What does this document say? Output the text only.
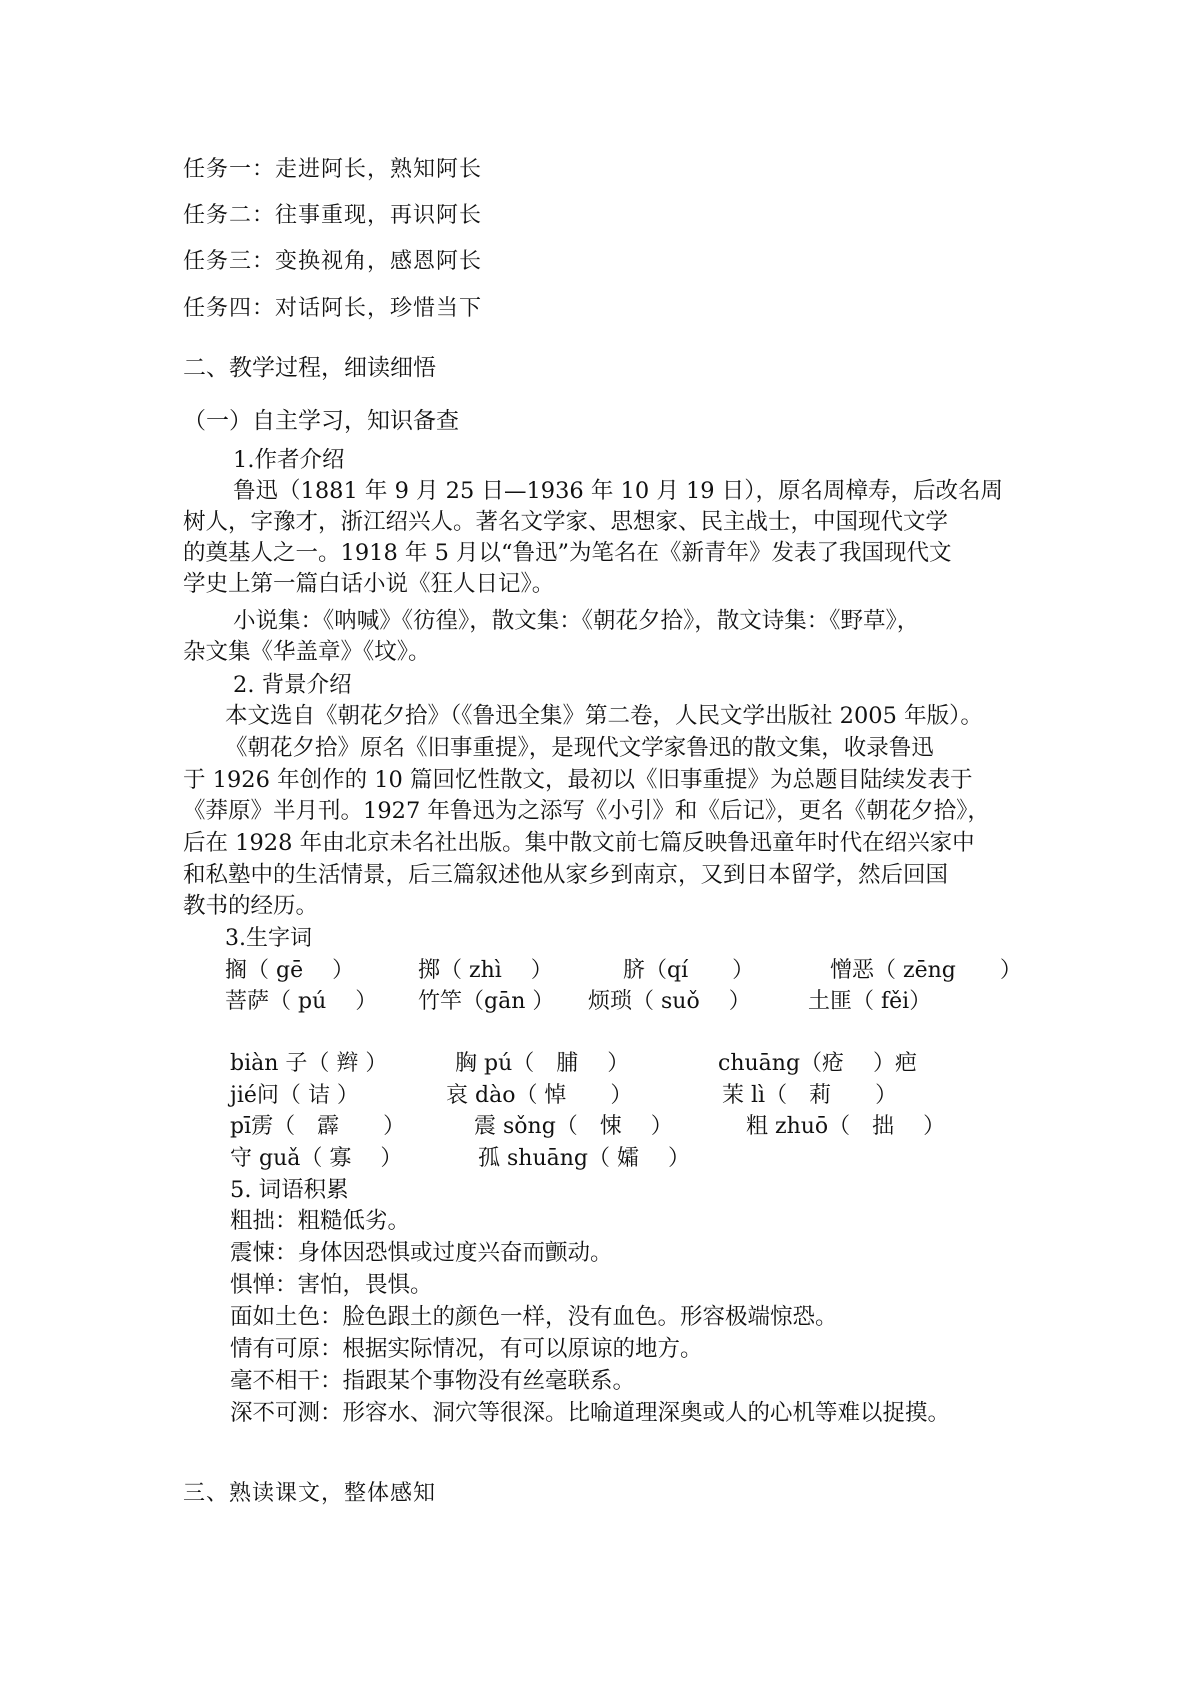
任务一：走进阿长，熟知阿长
任务二：往事重现，再识阿长
任务三：变换视角，感恩阿长
任务四：对话阿长，珍惜当下
二、教学过程，细读细悟
（一）自主学习，知识备查
1.作者介绍
鲁迅（1881 年 9 月 25 日—1936 年 10 月 19 日），原名周樟寿，后改名周
树人，字豫才，浙江绍兴人。著名文学家、思想家、民主战士，中国现代文学
的奠基人之一。1918 年 5 月以“鲁迅”为笔名在《新青年》发表了我国现代文
学史上第一篇白话小说《狂人日记》。
小说集：《呐喊》《彷徨》，散文集：《朝花夕拾》，散文诗集：《野草》，
杂文集《华盖章》《坟》。
2. 背景介绍
本文选自《朝花夕拾》（《鲁迅全集》第二卷，人民文学出版社 2005 年版）。
《朝花夕拾》原名《旧事重提》，是现代文学家鲁迅的散文集，收录鲁迅
于 1926 年创作的 10 篇回忆性散文，最初以《旧事重提》为总题目陆续发表于
《莽原》半月刊。1927 年鲁迅为之添写《小引》和《后记》，更名《朝花夕拾》，
后在 1928 年由北京未名社出版。集中散文前七篇反映鲁迅童年时代在绍兴家中
和私塾中的生活情景，后三篇叙述他从家乡到南京，又到日本留学，然后回国
教书的经历。
3.生字词
搁（ gē　 ）	掷（ zhì　 ）	脐（qí　　）	憎恶（ zēng　　）
菩萨（ pú　 ） 竹竿（gān ） 烦琐（ suǒ　 ）	土匪（ fěi）
biàn 子（ 辫 ）	胸 pú（　脯　 ）	chuāng（疮　 ）疤
jié问（ 诘 ）	哀 dào（ 悼　　）	茉 lì（　莉　　）
pī雳（　霹　　）	震 sǒng（　悚　 ）	粗 zhuō（　拙　 ）
守 guǎ（ 寡　 ）	孤 shuāng（ 孀　 ）
5. 词语积累
粗拙：粗糙低劣。
震悚：身体因恐惧或过度兴奋而颤动。
惧惮：害怕，畏惧。
面如土色：脸色跟土的颜色一样，没有血色。形容极端惊恐。
情有可原：根据实际情况，有可以原谅的地方。
毫不相干：指跟某个事物没有丝毫联系。
深不可测：形容水、洞穴等很深。比喻道理深奥或人的心机等难以捉摸。
三、熟读课文，整体感知
